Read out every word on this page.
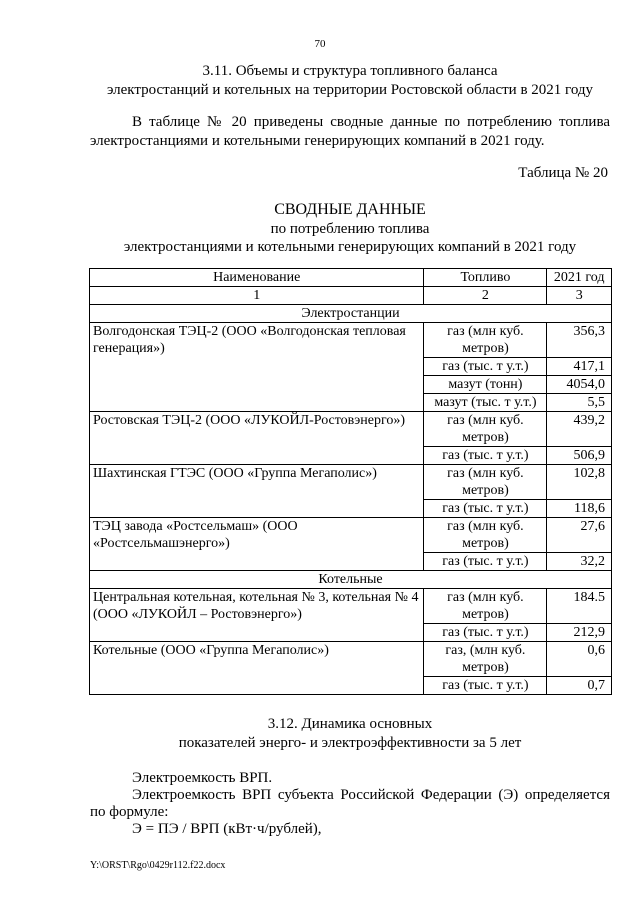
70
3.11. Объемы и структура топливного баланса
электростанций и котельных на территории Ростовской области в 2021 году
В таблице № 20 приведены сводные данные по потреблению топлива
электростанциями и котельными генерирующих компаний в 2021 году.
Таблица № 20
СВОДНЫЕ ДАННЫЕ
по потреблению топлива
электростанциями и котельными генерирующих компаний в 2021 году
Наименование	Топливо	2021 год
1	2	3
Электростанции		
Волгодонская ТЭЦ-2 (ООО «Волгодонская тепловая генерация»)	газ (млн куб. метров)	356,3
	газ (тыс. т у.т.)	417,1
	мазут (тонн)	4054,0
	мазут (тыс. т у.т.)	5,5
Ростовская ТЭЦ-2 (ООО «ЛУКОЙЛ-Ростовэнерго»)	газ (млн куб. метров)	439,2
	газ (тыс. т у.т.)	506,9
Шахтинская ГТЭС (ООО «Группа Мегаполис»)	газ (млн куб. метров)	102,8
	газ (тыс. т у.т.)	118,6
ТЭЦ завода «Ростсельмаш» (ООО «Ростсельмашэнерго»)	газ (млн куб. метров)	27,6
	газ (тыс. т у.т.)	32,2
Котельные		
Центральная котельная, котельная № 3, котельная № 4 (ООО «ЛУКОЙЛ – Ростовэнерго»)	газ (млн куб. метров)	184.5
	газ (тыс. т у.т.)	212,9
Котельные (ООО «Группа Мегаполис»)	газ, (млн куб. метров)	0,6
	газ (тыс. т у.т.)	0,7
3.12. Динамика основных
показателей энерго- и электроэффективности за 5 лет
Электроемкость ВРП.
Электроемкость ВРП субъекта Российской Федерации (Э) определяется
по формуле:
Э = ПЭ / ВРП (кВт·ч/рублей),
Y:\ORST\Rgo\0429r112.f22.docx
